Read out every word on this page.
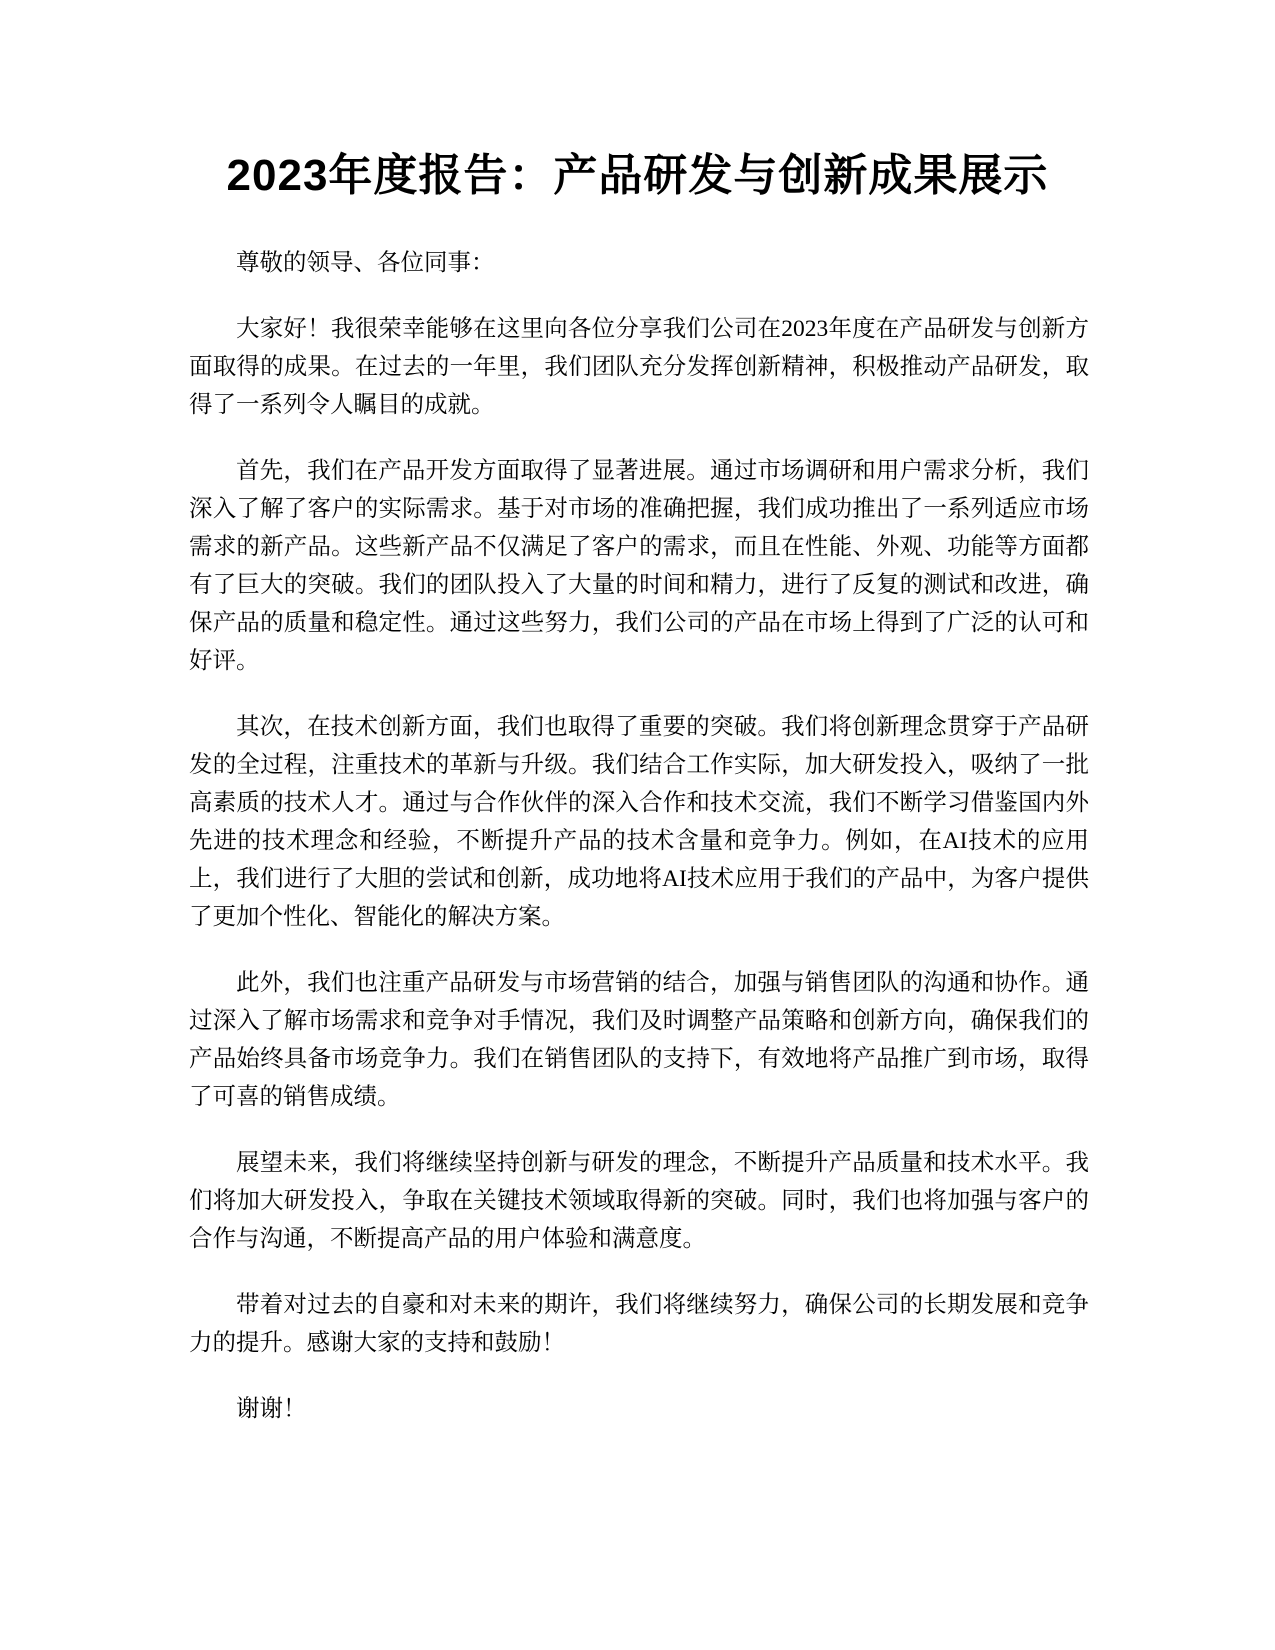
2023年度报告：产品研发与创新成果展示

尊敬的领导、各位同事：

大家好！我很荣幸能够在这里向各位分享我们公司在2023年度在产品研发与创新方面取得的成果。在过去的一年里，我们团队充分发挥创新精神，积极推动产品研发，取得了一系列令人瞩目的成就。

首先，我们在产品开发方面取得了显著进展。通过市场调研和用户需求分析，我们深入了解了客户的实际需求。基于对市场的准确把握，我们成功推出了一系列适应市场需求的新产品。这些新产品不仅满足了客户的需求，而且在性能、外观、功能等方面都有了巨大的突破。我们的团队投入了大量的时间和精力，进行了反复的测试和改进，确保产品的质量和稳定性。通过这些努力，我们公司的产品在市场上得到了广泛的认可和好评。

其次，在技术创新方面，我们也取得了重要的突破。我们将创新理念贯穿于产品研发的全过程，注重技术的革新与升级。我们结合工作实际，加大研发投入，吸纳了一批高素质的技术人才。通过与合作伙伴的深入合作和技术交流，我们不断学习借鉴国内外先进的技术理念和经验，不断提升产品的技术含量和竞争力。例如，在AI技术的应用上，我们进行了大胆的尝试和创新，成功地将AI技术应用于我们的产品中，为客户提供了更加个性化、智能化的解决方案。

此外，我们也注重产品研发与市场营销的结合，加强与销售团队的沟通和协作。通过深入了解市场需求和竞争对手情况，我们及时调整产品策略和创新方向，确保我们的产品始终具备市场竞争力。我们在销售团队的支持下，有效地将产品推广到市场，取得了可喜的销售成绩。

展望未来，我们将继续坚持创新与研发的理念，不断提升产品质量和技术水平。我们将加大研发投入，争取在关键技术领域取得新的突破。同时，我们也将加强与客户的合作与沟通，不断提高产品的用户体验和满意度。

带着对过去的自豪和对未来的期许，我们将继续努力，确保公司的长期发展和竞争力的提升。感谢大家的支持和鼓励！

谢谢！
